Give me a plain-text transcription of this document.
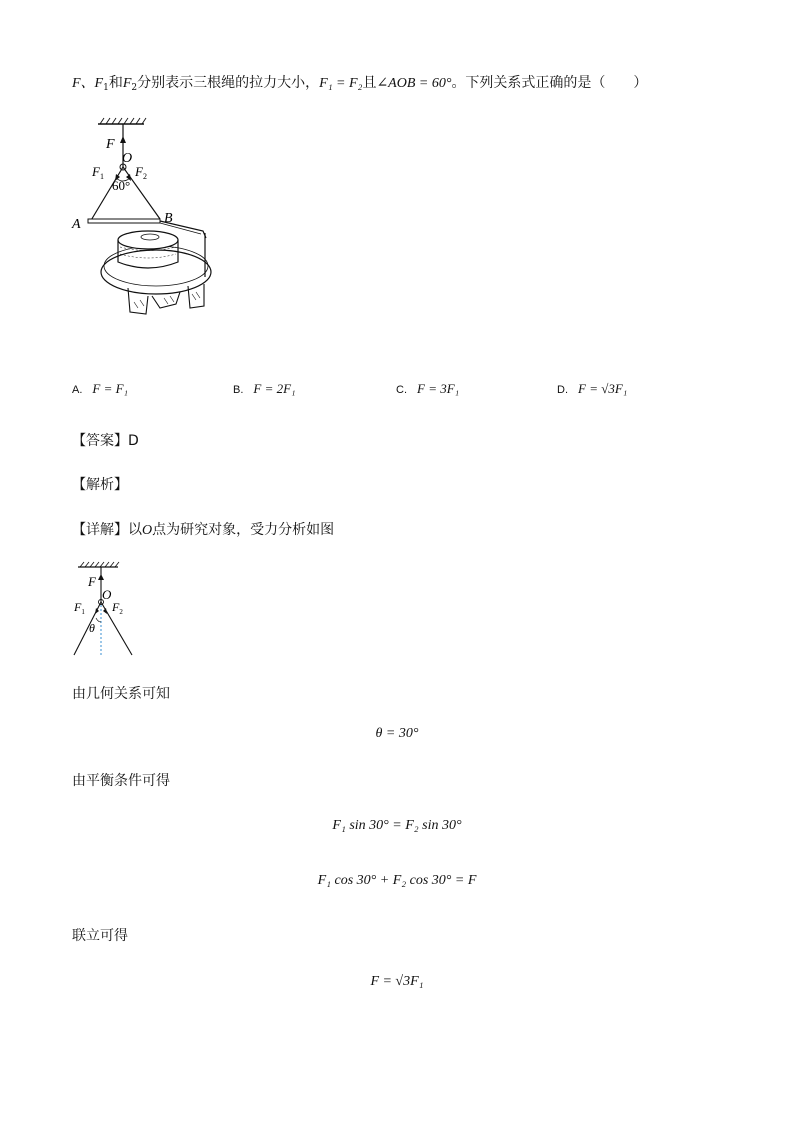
F、$F_1$和$F_2$分别表示三根绳的拉力大小，F₁ = F₂且∠AOB = 60°。下列关系式正确的是（　　）
F
O
$F_1$ $F_2$
60°
A	B
A. F = F₁	B. F = 2F₁	C. F = 3F₁	D. F = √3F₁
【答案】D
【解析】
【详解】以O点为研究对象，受力分析如图
F
O
$F_1$ $F_2$
θ
由几何关系可知
θ = 30°
由平衡条件可得
F₁ sin 30° = F₂ sin 30°
F₁ cos 30° + F₂ cos 30° = F
联立可得
F = √3F₁
